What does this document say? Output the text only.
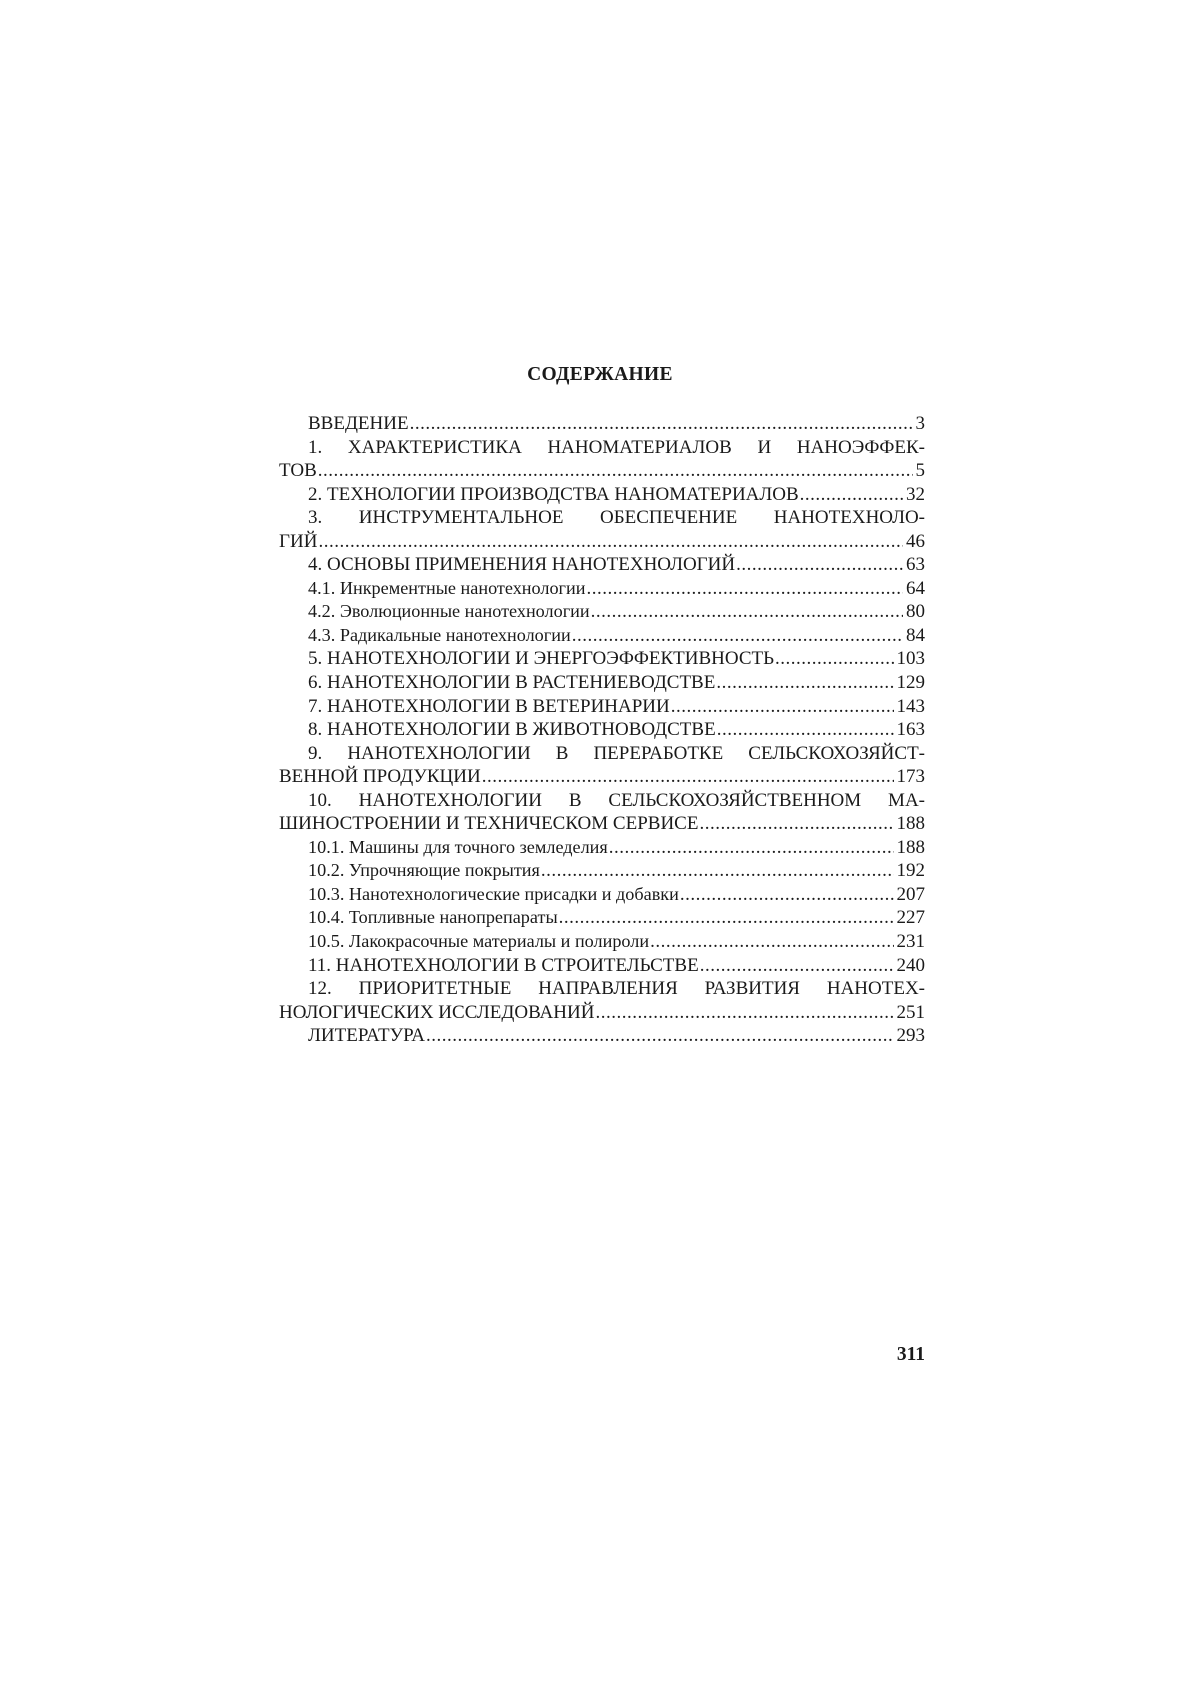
СОДЕРЖАНИЕ
ВВЕДЕНИЕ .....	3
1. ХАРАКТЕРИСТИКА НАНОМАТЕРИАЛОВ И НАНОЭФФЕК-
ТОВ .....	5
2. ТЕХНОЛОГИИ ПРОИЗВОДСТВА НАНОМАТЕРИАЛОВ .....	32
3. ИНСТРУМЕНТАЛЬНОЕ ОБЕСПЕЧЕНИЕ НАНОТЕХНОЛО-
ГИЙ .....	46
4. ОСНОВЫ ПРИМЕНЕНИЯ НАНОТЕХНОЛОГИЙ .....	63
4.1. Инкрементные нанотехнологии .....	64
4.2. Эволюционные нанотехнологии .....	80
4.3. Радикальные нанотехнологии .....	84
5. НАНОТЕХНОЛОГИИ И ЭНЕРГОЭФФЕКТИВНОСТЬ .....	103
6. НАНОТЕХНОЛОГИИ В РАСТЕНИЕВОДСТВЕ .....	129
7. НАНОТЕХНОЛОГИИ В ВЕТЕРИНАРИИ .....	143
8. НАНОТЕХНОЛОГИИ В ЖИВОТНОВОДСТВЕ .....	163
9. НАНОТЕХНОЛОГИИ В ПЕРЕРАБОТКЕ СЕЛЬСКОХОЗЯЙСТ-
ВЕННОЙ ПРОДУКЦИИ .....	173
10. НАНОТЕХНОЛОГИИ В СЕЛЬСКОХОЗЯЙСТВЕННОМ МА-
ШИНОСТРОЕНИИ И ТЕХНИЧЕСКОМ СЕРВИСЕ .....	188
10.1. Машины для точного земледелия .....	188
10.2. Упрочняющие покрытия .....	192
10.3. Нанотехнологические присадки и добавки .....	207
10.4. Топливные нанопрепараты .....	227
10.5. Лакокрасочные материалы и полироли .....	231
11. НАНОТЕХНОЛОГИИ В СТРОИТЕЛЬСТВЕ .....	240
12. ПРИОРИТЕТНЫЕ НАПРАВЛЕНИЯ РАЗВИТИЯ НАНОТЕХ-
НОЛОГИЧЕСКИХ ИССЛЕДОВАНИЙ .....	251
ЛИТЕРАТУРА .....	293
311
